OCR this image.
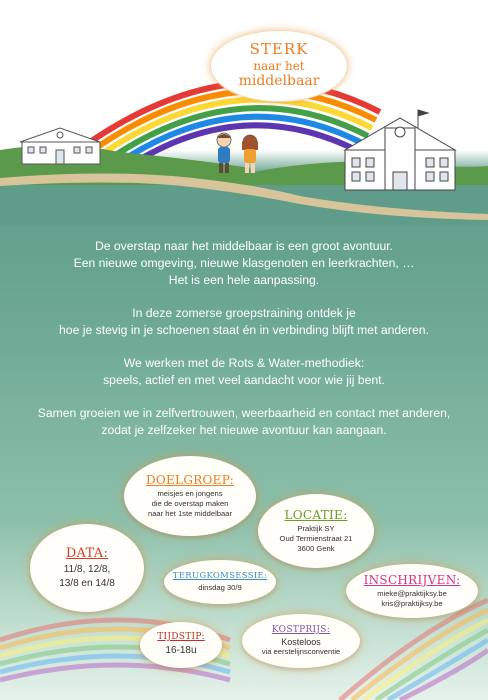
STERK
naar het
middelbaar

De overstap naar het middelbaar is een groot avontuur.
Een nieuwe omgeving, nieuwe klasgenoten en leerkrachten, …
Het is een hele aanpassing.

In deze zomerse groepstraining ontdek je
hoe je stevig in je schoenen staat én in verbinding blijft met anderen.

We werken met de Rots & Water-methodiek:
speels, actief en met veel aandacht voor wie jij bent.

Samen groeien we in zelfvertrouwen, weerbaarheid en contact met anderen,
zodat je zelfzeker het nieuwe avontuur kan aangaan.

DOELGROEP:
meisjes en jongens
die de overstap maken
naar het 1ste middelbaar	LOCATIE:
Praktijk SY
Oud Termienstraat 21
3600 Genk
DATA:
11/8, 12/8,
13/8 en 14/8
TERUGKOMSESSIE:
dinsdag 30/9
INSCHRIJVEN:
mieke@praktijksy.be
kris@praktijksy.be
TIJDSTIP:
16-18u
KOSTPRIJS:
Kosteloos
via eerstelijnsconventie
